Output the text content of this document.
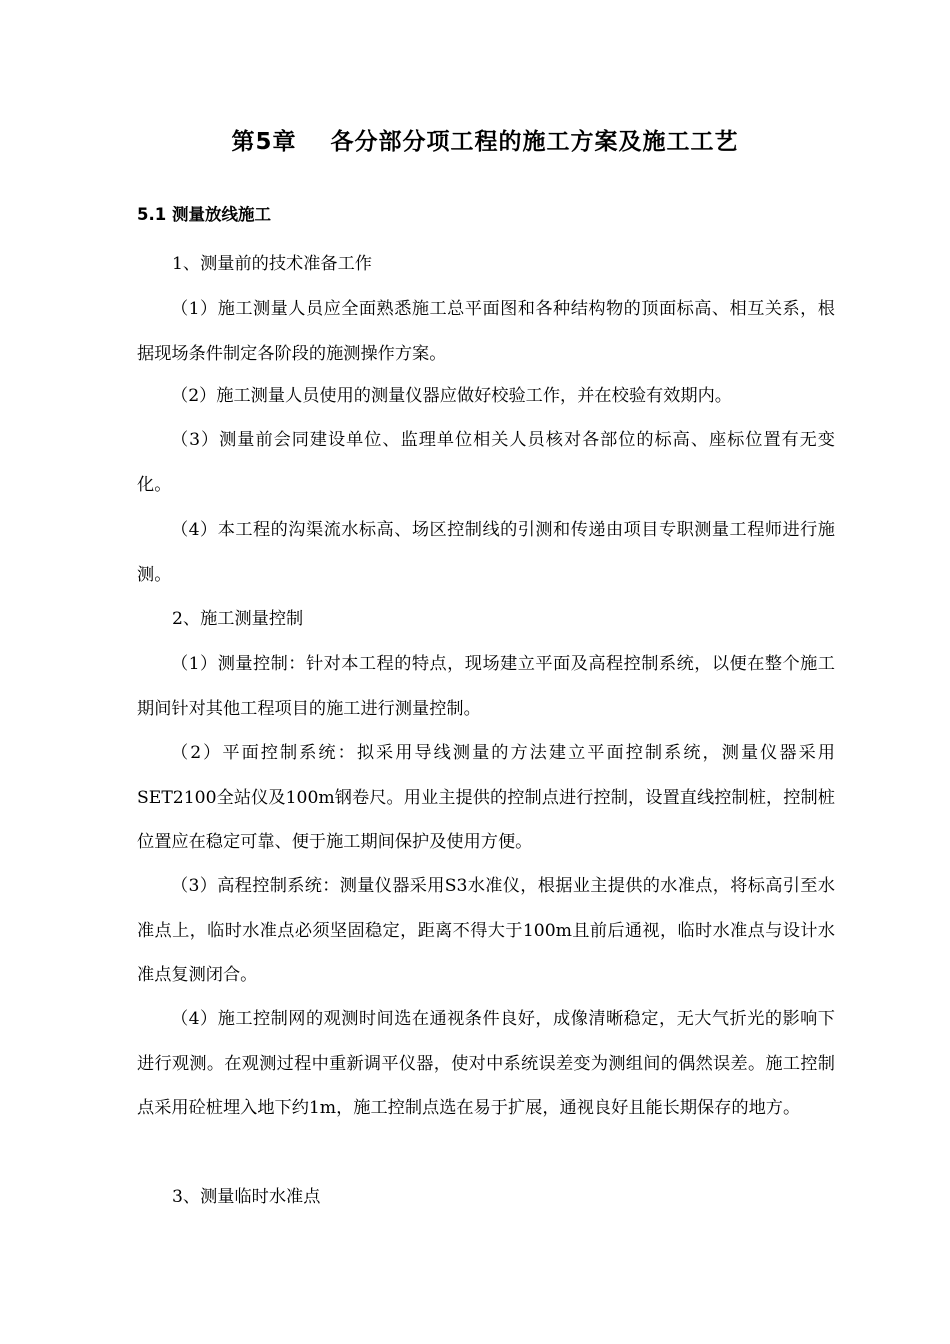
第5章 各分部分项工程的施工方案及施工工艺
5.1 测量放线施工

1、测量前的技术准备工作

（1）施工测量人员应全面熟悉施工总平面图和各种结构物的顶面标高、相互关系，根据现场条件制定各阶段的施测操作方案。

（2）施工测量人员使用的测量仪器应做好校验工作，并在校验有效期内。

（3）测量前会同建设单位、监理单位相关人员核对各部位的标高、座标位置有无变化。

（4）本工程的沟渠流水标高、场区控制线的引测和传递由项目专职测量工程师进行施测。

2、施工测量控制

（1）测量控制：针对本工程的特点，现场建立平面及高程控制系统，以便在整个施工期间针对其他工程项目的施工进行测量控制。

（2）平面控制系统：拟采用导线测量的方法建立平面控制系统，测量仪器采用SET2100全站仪及100m钢卷尺。用业主提供的控制点进行控制，设置直线控制桩，控制桩位置应在稳定可靠、便于施工期间保护及使用方便。

（3）高程控制系统：测量仪器采用S3水准仪，根据业主提供的水准点，将标高引至水准点上，临时水准点必须坚固稳定，距离不得大于100m且前后通视，临时水准点与设计水准点复测闭合。

（4）施工控制网的观测时间选在通视条件良好，成像清晰稳定，无大气折光的影响下进行观测。在观测过程中重新调平仪器，使对中系统误差变为测组间的偶然误差。施工控制点采用砼桩埋入地下约1m，施工控制点选在易于扩展，通视良好且能长期保存的地方。

3、测量临时水准点
